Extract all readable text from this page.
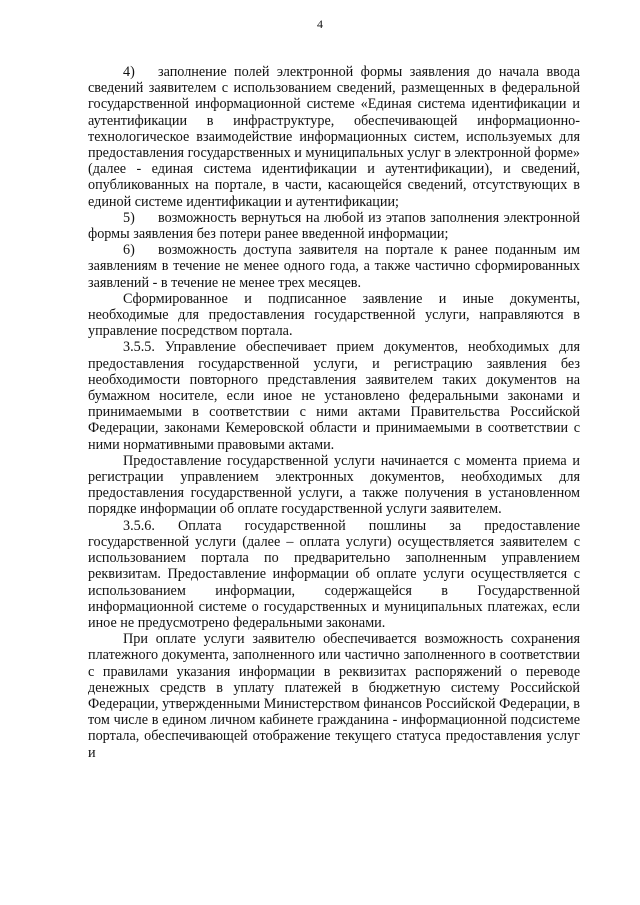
4

4) заполнение полей электронной формы заявления до начала ввода сведений заявителем с использованием сведений, размещенных в федеральной государственной информационной системе «Единая система идентификации и аутентификации в инфраструктуре, обеспечивающей информационно-технологическое взаимодействие информационных систем, используемых для предоставления государственных и муниципальных услуг в электронной форме» (далее - единая система идентификации и аутентификации), и сведений, опубликованных на портале, в части, касающейся сведений, отсутствующих в единой системе идентификации и аутентификации;

5) возможность вернуться на любой из этапов заполнения электронной формы заявления без потери ранее введенной информации;

6) возможность доступа заявителя на портале к ранее поданным им заявлениям в течение не менее одного года, а также частично сформированных заявлений - в течение не менее трех месяцев.

Сформированное и подписанное заявление и иные документы, необходимые для предоставления государственной услуги, направляются в управление посредством портала.

3.5.5. Управление обеспечивает прием документов, необходимых для предоставления государственной услуги, и регистрацию заявления без необходимости повторного представления заявителем таких документов на бумажном носителе, если иное не установлено федеральными законами и принимаемыми в соответствии с ними актами Правительства Российской Федерации, законами Кемеровской области и принимаемыми в соответствии с ними нормативными правовыми актами.

Предоставление государственной услуги начинается с момента приема и регистрации управлением электронных документов, необходимых для предоставления государственной услуги, а также получения в установленном порядке информации об оплате государственной услуги заявителем.

3.5.6. Оплата государственной пошлины за предоставление государственной услуги (далее – оплата услуги) осуществляется заявителем с использованием портала по предварительно заполненным управлением реквизитам. Предоставление информации об оплате услуги осуществляется с использованием информации, содержащейся в Государственной информационной системе о государственных и муниципальных платежах, если иное не предусмотрено федеральными законами.

При оплате услуги заявителю обеспечивается возможность сохранения платежного документа, заполненного или частично заполненного в соответствии с правилами указания информации в реквизитах распоряжений о переводе денежных средств в уплату платежей в бюджетную систему Российской Федерации, утвержденными Министерством финансов Российской Федерации, в том числе в едином личном кабинете гражданина - информационной подсистеме портала, обеспечивающей отображение текущего статуса предоставления услуг и
